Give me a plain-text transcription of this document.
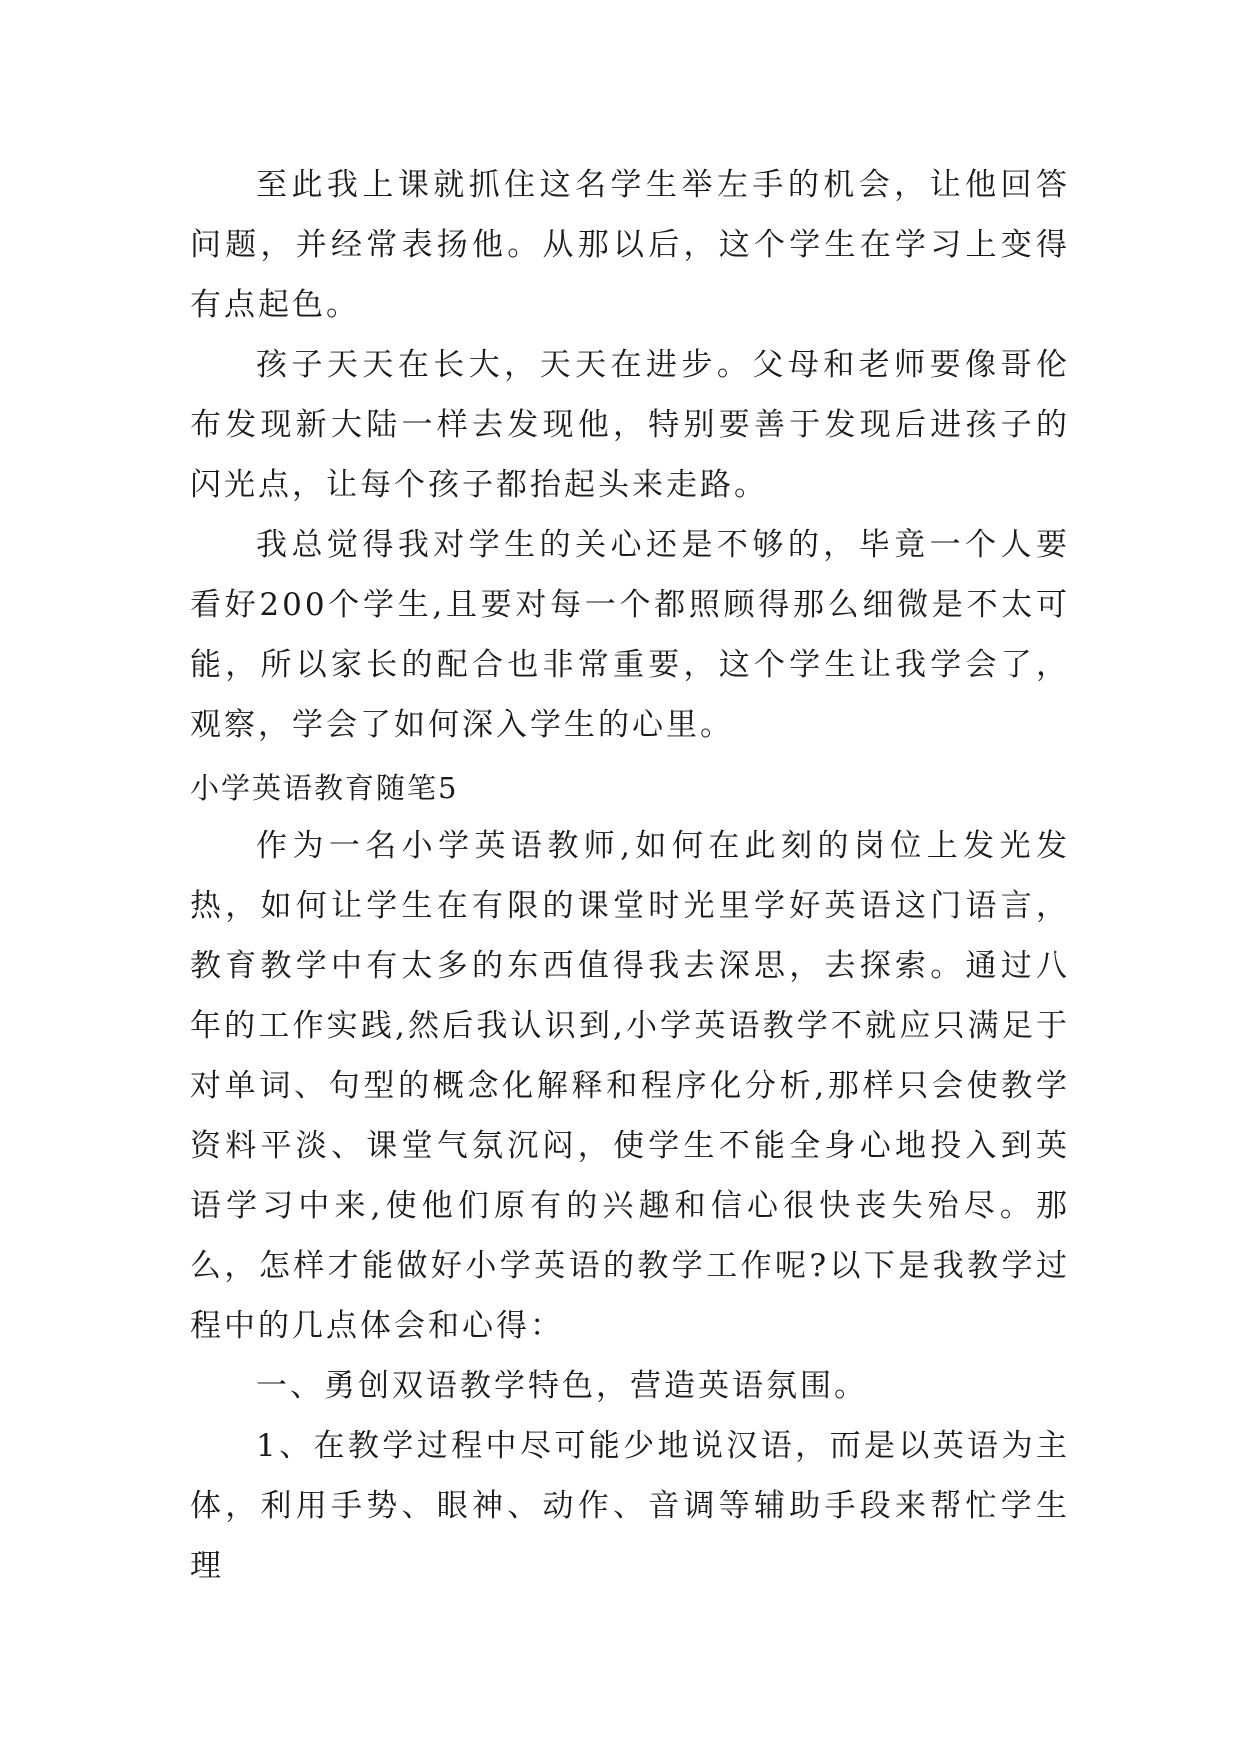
至此我上课就抓住这名学生举左手的机会，让他回答问题，并经常表扬他。从那以后，这个学生在学习上变得有点起色。

孩子天天在长大，天天在进步。父母和老师要像哥伦布发现新大陆一样去发现他，特别要善于发现后进孩子的闪光点，让每个孩子都抬起头来走路。

我总觉得我对学生的关心还是不够的，毕竟一个人要看好200个学生,且要对每一个都照顾得那么细微是不太可能，所以家长的配合也非常重要，这个学生让我学会了，观察，学会了如何深入学生的心里。

小学英语教育随笔5

作为一名小学英语教师,如何在此刻的岗位上发光发热，如何让学生在有限的课堂时光里学好英语这门语言，教育教学中有太多的东西值得我去深思，去探索。通过八年的工作实践,然后我认识到,小学英语教学不就应只满足于对单词、句型的概念化解释和程序化分析,那样只会使教学资料平淡、课堂气氛沉闷，使学生不能全身心地投入到英语学习中来,使他们原有的兴趣和信心很快丧失殆尽。那么，怎样才能做好小学英语的教学工作呢?以下是我教学过程中的几点体会和心得：

一、勇创双语教学特色，营造英语氛围。

1、在教学过程中尽可能少地说汉语，而是以英语为主体，利用手势、眼神、动作、音调等辅助手段来帮忙学生理
